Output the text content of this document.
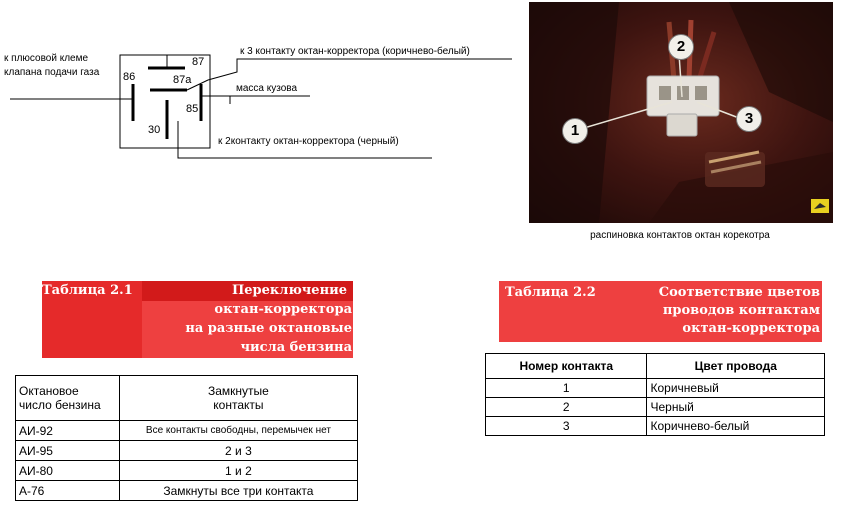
87
87а
86
85
30
к плюсовой клеме
клапана подачи газа
к 3 контакту октан-корректора (коричнево-белый)
масса кузова
к 2контакту октан-корректора (черный)
1
2
3
распиновка контактов октан корекотра
Таблица 2.1	Переключение
октан-корректора
на разные октановые
числа бензина
Октановое
число бензина	Замкнутые
контакты
АИ-92	Все контакты свободны, перемычек нет
АИ-95	2 и 3
АИ-80	1 и 2
А-76	Замкнуты все три контакта
Таблица 2.2	Соответствие цветов
проводов контактам
октан-корректора
Номер контакта	Цвет провода
1	Коричневый
2	Черный
3	Коричнево-белый
